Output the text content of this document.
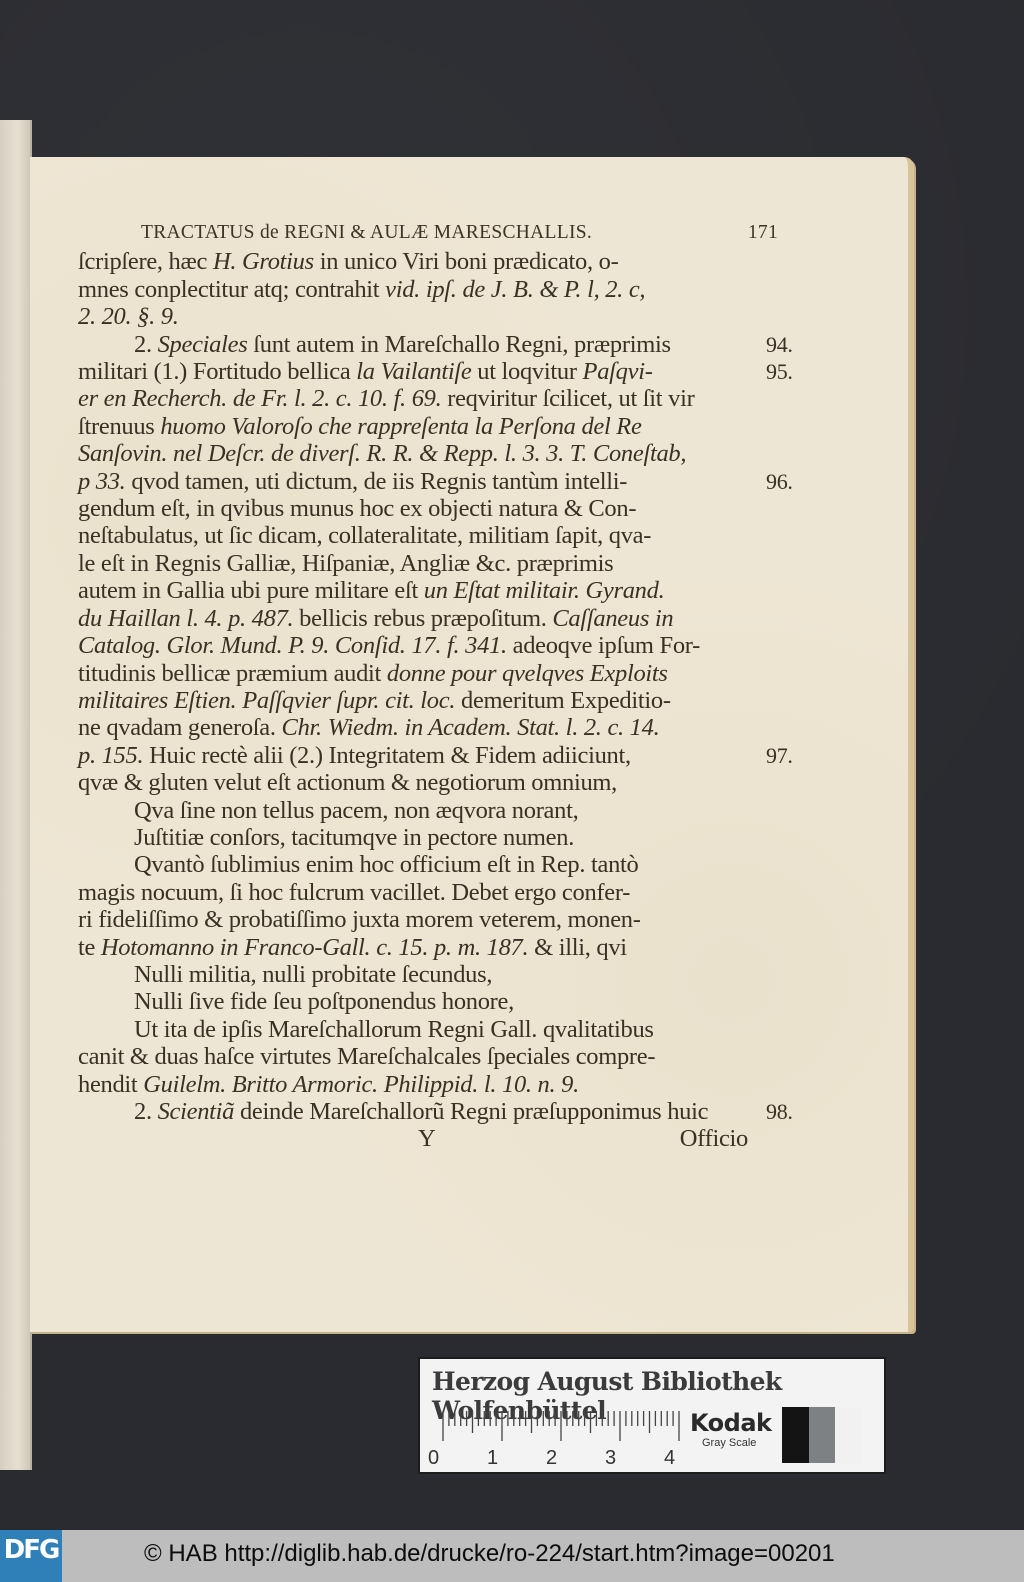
TRACTATUS de REGNI & AULÆ MARESCHALLIS.	171
ſcripſere, hæc H. Grotius in unico Viri boni prædicato, o-
mnes conplectitur atq; contrahit vid. ipſ. de J. B. & P. l, 2. c,
2. 20. §. 9.
2. Speciales ſunt autem in Mareſchallo Regni, præprimis	94.
militari (1.) Fortitudo bellica la Vailantiſe ut loqvitur Paſqvi-	95.
er en Recherch. de Fr. l. 2. c. 10. f. 69. reqviritur ſcilicet, ut ſit vir
ſtrenuus huomo Valoroſo che rappreſenta la Perſona del Re
Sanſovin. nel Deſcr. de diverſ. R. R. & Repp. l. 3. 3. T. Coneſtab,
p 33. qvod tamen, uti dictum, de iis Regnis tantùm intelli-	96.
gendum eſt, in qvibus munus hoc ex objecti natura & Con-
neſtabulatus, ut ſic dicam, collateralitate, militiam ſapit, qva-
le eſt in Regnis Galliæ, Hiſpaniæ, Angliæ &c. præprimis
autem in Gallia ubi pure militare eſt un Eſtat militair. Gyrand.
du Haillan l. 4. p. 487. bellicis rebus præpoſitum. Caſſaneus in
Catalog. Glor. Mund. P. 9. Conſid. 17. f. 341. adeoqve ipſum For-
titudinis bellicæ præmium audit donne pour qvelqves Exploits
militaires Eſtien. Paſſqvier ſupr. cit. loc. demeritum Expeditio-
ne qvadam generoſa. Chr. Wiedm. in Academ. Stat. l. 2. c. 14.
p. 155. Huic rectè alii (2.) Integritatem & Fidem adiiciunt,	97.
qvæ & gluten velut eſt actionum & negotiorum omnium,
Qva ſine non tellus pacem, non æqvora norant,
Juſtitiæ conſors, tacitumqve in pectore numen.
Qvantò ſublimius enim hoc officium eſt in Rep. tantò
magis nocuum, ſi hoc fulcrum vacillet. Debet ergo confer-
ri fideliſſimo & probatiſſimo juxta morem veterem, monen-
te Hotomanno in Franco-Gall. c. 15. p. m. 187. & illi, qvi
Nulli militia, nulli probitate ſecundus,
Nulli ſive fide ſeu poſtponendus honore,
Ut ita de ipſis Mareſchallorum Regni Gall. qvalitatibus
canit & duas haſce virtutes Mareſchalcales ſpeciales compre-
hendit Guilelm. Britto Armoric. Philippid. l. 10. n. 9.
2. Scientiã deinde Mareſchallorũ Regni præſupponimus huic	98.
Y	Officio
Herzog August Bibliothek Wolfenbüttel
0 1 2 3 4
Kodak
Gray Scale
DFG	© HAB http://diglib.hab.de/drucke/ro-224/start.htm?image=00201
